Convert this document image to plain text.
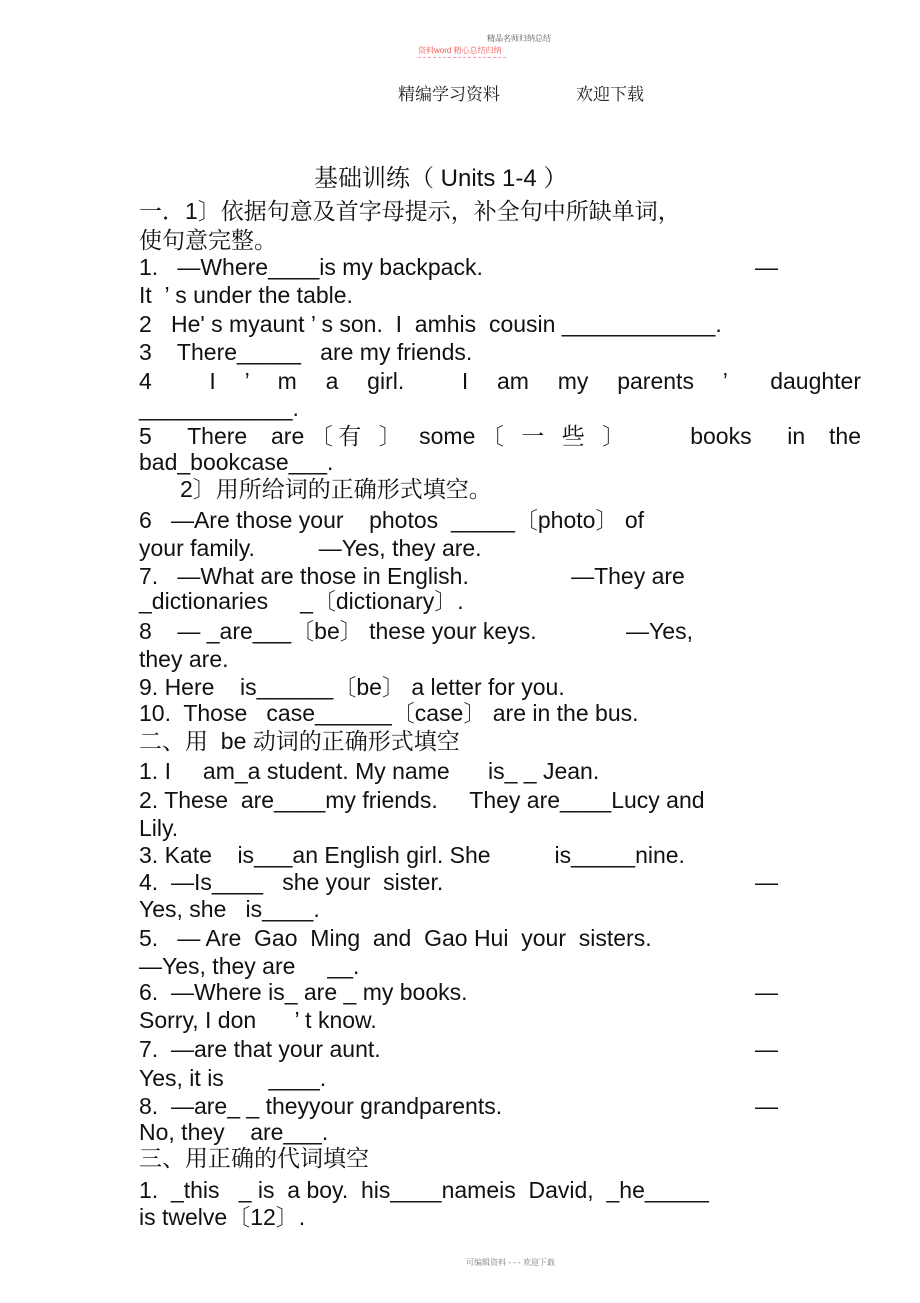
精品名师归纳总结
资料word 精心总结归纳
精编学习资料	欢迎下载
基础训练（ Units 1-4 ）
一．1〕依据句意及首字母提示，补全句中所缺单词，
使句意完整。
1.   —Where____is my backpack.	—
It  ’ s under the table.
2   He' s myaunt ’ s son.  I  amhis  cousin ____________.
3    There_____   are my friends.
4    I  ’  m  a  girl.    I  am  my  parents  ’   daughter
____________.
5   There  are〔有 〕 some〔 一 些 〕     books   in  the
bad_bookcase___.
2〕用所给词的正确形式填空。
6   —Are those your    photos  _____〔photo〕 of
your family.          —Yes, they are.
7.   —What are those in English.                —They are
_dictionaries     _〔dictionary〕.
8    — _are___〔be〕 these your keys.              —Yes,
they are.
9. Here    is______〔be〕 a letter for you.
10.  Those   case______〔case〕 are in the bus.
二、用  be 动词的正确形式填空
1. I     am_a student. My name      is_ _ Jean.
2. These  are____my friends.     They are____Lucy and
Lily.
3. Kate    is___an English girl. She          is_____nine.
4.  —Is____   she your  sister.	—
Yes, she   is____.
5.   — Are  Gao  Ming  and  Gao Hui  your  sisters.
—Yes, they are     __.
6.  —Where is_ are _ my books.	—
Sorry, I don      ’ t know.
7.  —are that your aunt.	—
Yes, it is       ____.
8.  —are_ _ theyyour grandparents.	—
No, they    are___.
三、用正确的代词填空
1.  _this   _ is  a boy.  his____nameis  David,  _he_____
is twelve〔12〕.
可编辑资料 - - - 欢迎下载
